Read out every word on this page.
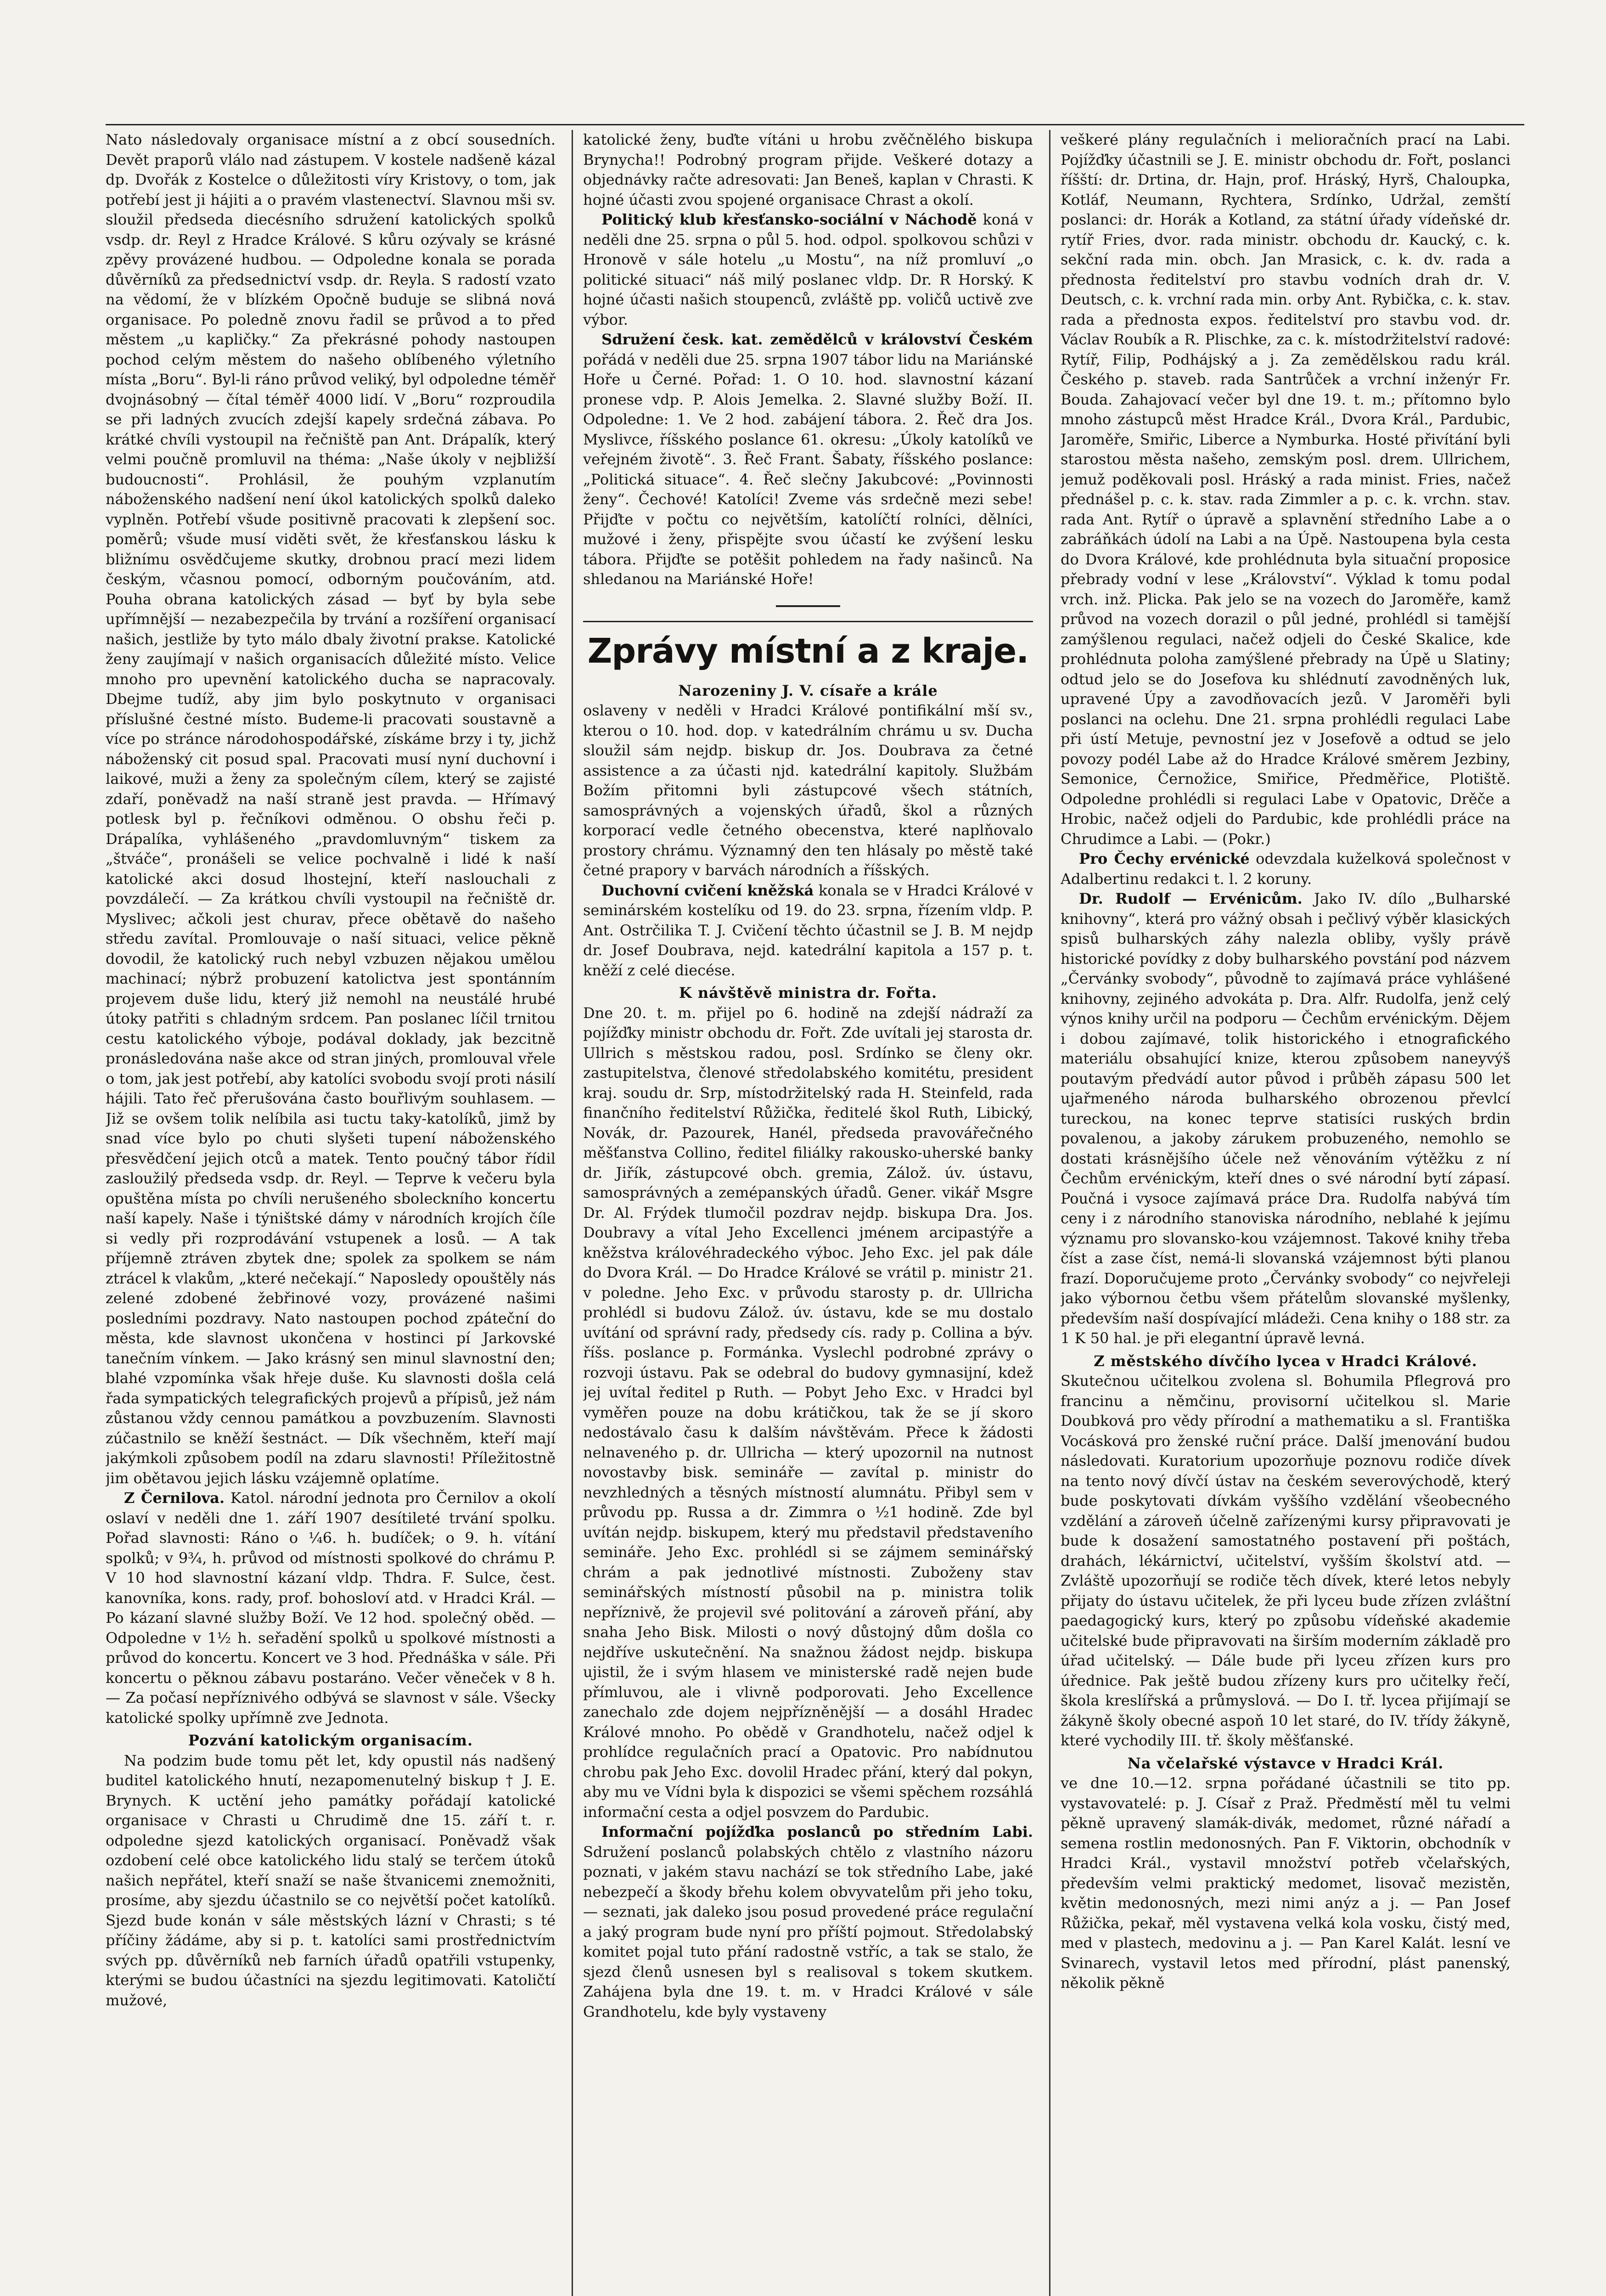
Nato následovaly organisace místní a z obcí sousedních. Devět praporů vlálo nad zástupem. V kostele nadšeně kázal dp. Dvořák z Kostelce o důležitosti víry Kristovy, o tom, jak potřebí jest ji hájiti a o pravém vlastenectví. Slavnou mši sv. sloužil předseda diecésního sdružení katolických spolků vsdp. dr. Reyl z Hradce Králové. S kůru ozývaly se krásné zpěvy provázené hudbou. — Odpoledne konala se porada důvěrníků za předsednictví vsdp. dr. Reyla. S radostí vzato na vědomí, že v blízkém Opočně buduje se slibná nová organisace. Po poledně znovu řadil se průvod a to před městem „u kapličky.“ Za překrásné pohody nastoupen pochod celým městem do našeho oblíbeného výletního místa „Boru“. Byl-li ráno průvod veliký, byl odpoledne téměř dvojnásobný — čítal téměř 4000 lidí. V „Boru“ rozproudila se při ladných zvucích zdejší kapely srdečná zábava. Po krátké chvíli vystoupil na řečniště pan Ant. Drápalík, který velmi poučně promluvil na théma: „Naše úkoly v nejbližší budoucnosti“. Prohlásil, že pouhým vzplanutím náboženského nadšení není úkol katolických spolků daleko vyplněn. Potřebí všude positivně pracovati k zlepšení soc. poměrů; všude musí viděti svět, že křesťanskou lásku k bližnímu osvědčujeme skutky, drobnou prací mezi lidem českým, včasnou pomocí, odborným poučováním, atd. Pouha obrana katolických zásad — byť by byla sebe upřímnější — nezabezpečila by trvání a rozšíření organisací našich, jestliže by tyto málo dbaly životní prakse. Katolické ženy zaujímají v našich organisacích důležité místo. Velice mnoho pro upevnění katolického ducha se napracovaly. Dbejme tudíž, aby jim bylo poskytnuto v organisaci příslušné čestné místo. Budeme-li pracovati soustavně a více po stránce národohospodářské, získáme brzy i ty, jichž náboženský cit posud spal. Pracovati musí nyní duchovní i laikové, muži a ženy za společným cílem, který se zajisté zdaří, poněvadž na naší straně jest pravda. — Hřímavý potlesk byl p. řečníkovi odměnou. O obshu řeči p. Drápalíka, vyhlášeného „pravdomluvným“ tiskem za „štváče“, pronášeli se velice pochvalně i lidé k naší katolické akci dosud lhostejní, kteří naslouchali z povzdálečí. — Za krátkou chvíli vystoupil na řečniště dr. Myslivec; ačkoli jest churav, přece obětavě do našeho středu zavítal. Promlouvaje o naší situaci, velice pěkně dovodil, že katolický ruch nebyl vzbuzen nějakou umělou machinací; nýbrž probuzení katolictva jest spontánním projevem duše lidu, který již nemohl na neustálé hrubé útoky patřiti s chladným srdcem. Pan poslanec líčil trnitou cestu katolického výboje, podával doklady, jak bezcitně pronásledována naše akce od stran jiných, promlouval vřele o tom, jak jest potřebí, aby katolíci svobodu svojí proti násilí hájili. Tato řeč přerušována často bouřlivým souhlasem. — Již se ovšem tolik nelíbila asi tuctu taky-katolíků, jimž by snad více bylo po chuti slyšeti tupení náboženského přesvědčení jejich otců a matek. Tento poučný tábor řídil zasloužilý předseda vsdp. dr. Reyl. — Teprve k večeru byla opuštěna místa po chvíli nerušeného sboleckního koncertu naší kapely. Naše i týništské dámy v národních krojích číle si vedly při rozprodávání vstupenek a losů. — A tak příjemně ztráven zbytek dne; spolek za spolkem se nám ztrácel k vlakům, „které nečekají.“ Naposledy opouštěly nás zelené zdobené žebřinové vozy, provázené našimi posledními pozdravy. Nato nastoupen pochod zpáteční do města, kde slavnost ukončena v hostinci pí Jarkovské tanečním vínkem. — Jako krásný sen minul slavnostní den; blahé vzpomínka však hřeje duše. Ku slavnosti došla celá řada sympatických telegrafických projevů a přípisů, jež nám zůstanou vždy cennou památkou a povzbuzením. Slavnosti zúčastnilo se kněží šestnáct. — Dík všechněm, kteří mají jakýmkoli způsobem podíl na zdaru slavnosti! Příležitostně jim obětavou jejich lásku vzájemně oplatíme.

Z Černilova. Katol. národní jednota pro Černilov a okolí oslaví v neděli dne 1. září 1907 desítileté trvání spolku. Pořad slavnosti: Ráno o ¼6. h. budíček; o 9. h. vítání spolků; v 9¾, h. průvod od místnosti spolkové do chrámu P. V 10 hod slavnostní kázaní vldp. Thdra. F. Sulce, čest. kanovníka, kons. rady, prof. bohosloví atd. v Hradci Král. — Po kázaní slavné služby Boží. Ve 12 hod. společný oběd. — Odpoledne v 1½ h. seřadění spolků u spolkové místnosti a průvod do koncertu. Koncert ve 3 hod. Přednáška v sále. Při koncertu o pěknou zábavu postaráno. Večer věneček v 8 h. — Za počasí nepříznivého odbývá se slavnost v sále. Všecky katolické spolky upřímně zve Jednota.

Pozvání katolickým organisacím.

Na podzim bude tomu pět let, kdy opustil nás nadšený buditel katolického hnutí, nezapomenutelný biskup † J. E. Brynych. K uctění jeho památky pořádají katolické organisace v Chrasti u Chrudimě dne 15. září t. r. odpoledne sjezd katolických organisací. Poněvadž však ozdobení celé obce katolického lidu stalý se terčem útoků našich nepřátel, kteří snaží se naše štvanicemi znemožniti, prosíme, aby sjezdu účastnilo se co největší počet katolíků. Sjezd bude konán v sále městských lázní v Chrasti; s té příčiny žádáme, aby si p. t. katolíci sami prostřednictvím svých pp. důvěrníků neb farních úřadů opatřili vstupenky, kterými se budou účastníci na sjezdu legitimovati. Katoličtí mužové,

katolické ženy, buďte vítáni u hrobu zvěčnělého biskupa Brynycha!! Podrobný program přijde. Veškeré dotazy a objednávky račte adresovati: Jan Beneš, kaplan v Chrasti. K hojné účasti zvou spojené organisace Chrast a okolí.

Politický klub křesťansko-sociální v Náchodě koná v neděli dne 25. srpna o půl 5. hod. odpol. spolkovou schůzi v Hronově v sále hotelu „u Mostu“, na níž promluví „o politické situaci“ náš milý poslanec vldp. Dr. R Horský. K hojné účasti našich stoupenců, zvláště pp. voličů uctivě zve výbor.

Sdružení česk. kat. zemědělců v království Českém pořádá v neděli due 25. srpna 1907 tábor lidu na Mariánské Hoře u Černé. Pořad: 1. O 10. hod. slavnostní kázaní pronese vdp. P. Alois Jemelka. 2. Slavné služby Boží. II. Odpoledne: 1. Ve 2 hod. zabájení tábora. 2. Řeč dra Jos. Myslivce, říšského poslance 61. okresu: „Úkoly katolíků ve veřejném životě“. 3. Řeč Frant. Šabaty, říšského poslance: „Politická situace“. 4. Řeč slečny Jakubcové: „Povinnosti ženy“. Čechové! Katolíci! Zveme vás srdečně mezi sebe! Přijďte v počtu co největším, katolíčtí rolníci, dělníci, mužové i ženy, přispějte svou účastí ke zvýšení lesku tábora. Přijďte se potěšit pohledem na řady našinců. Na shledanou na Mariánské Hoře!

Zprávy místní a z kraje.

Narozeniny J. V. císaře a krále

oslaveny v neděli v Hradci Králové pontifikální mší sv., kterou o 10. hod. dop. v katedrálním chrámu u sv. Ducha sloužil sám nejdp. biskup dr. Jos. Doubrava za četné assistence a za účasti njd. katedrální kapitoly. Službám Božím přitomni byli zástupcové všech státních, samosprávných a vojenských úřadů, škol a různých korporací vedle četného obecenstva, které naplňovalo prostory chrámu. Významný den ten hlásaly po městě také četné prapory v barvách národních a říšských.

Duchovní cvičení kněžská konala se v Hradci Králové v seminárském kostelíku od 19. do 23. srpna, řízením vldp. P. Ant. Ostrčilika T. J. Cvičení těchto účastnil se J. B. M nejdp dr. Josef Doubrava, nejd. katedrální kapitola a 157 p. t. kněží z celé diecése.

K návštěvě ministra dr. Fořta.

Dne 20. t. m. přijel po 6. hodině na zdejší nádraží za pojížďky ministr obchodu dr. Fořt. Zde uvítali jej starosta dr. Ullrich s městskou radou, posl. Srdínko se členy okr. zastupitelstva, členové středolabského komitétu, president kraj. soudu dr. Srp, místodržitelský rada H. Steinfeld, rada finančního ředitelství Růžička, ředitelé škol Ruth, Libický, Novák, dr. Pazourek, Hanél, předseda pravovářečného měšťanstva Collino, ředitel filiálky rakousko-uherské banky dr. Jiřík, zástupcové obch. gremia, Zálož. úv. ústavu, samosprávných a zemépanských úřadů. Gener. vikář Msgre Dr. Al. Frýdek tlumočil pozdrav nejdp. biskupa Dra. Jos. Doubravy a vítal Jeho Excellenci jménem arcipastýře a kněžstva královéhradeckého výboc. Jeho Exc. jel pak dále do Dvora Král. — Do Hradce Králové se vrátil p. ministr 21. v poledne. Jeho Exc. v průvodu starosty p. dr. Ullricha prohlédl si budovu Zálož. úv. ústavu, kde se mu dostalo uvítání od správní rady, předsedy cís. rady p. Collina a býv. říšs. poslance p. Formánka. Vyslechl podrobné zprávy o rozvoji ústavu. Pak se odebral do budovy gymnasijní, kdež jej uvítal ředitel p Ruth. — Pobyt Jeho Exc. v Hradci byl vyměřen pouze na dobu krátičkou, tak že se jí skoro nedostávalo času k dalším návštěvám. Přece k žádosti nelnaveného p. dr. Ullricha — který upozornil na nutnost novostavby bisk. semináře — zavítal p. ministr do nevzhledných a těsných místností alumnátu. Přibyl sem v průvodu pp. Russa a dr. Zimmra o ½1 hodině. Zde byl uvítán nejdp. biskupem, který mu představil představeního semináře. Jeho Exc. prohlédl si se zájmem seminářský chrám a pak jednotlivé místnosti. Zuboženy stav seminářských místností působil na p. ministra tolik nepříznivě, že projevil své politování a zároveň přání, aby snaha Jeho Bisk. Milosti o nový důstojný dům došla co nejdříve uskutečnění. Na snažnou žádost nejdp. biskupa ujistil, že i svým hlasem ve ministerské radě nejen bude přímluvou, ale i vlivně podporovati. Jeho Excellence zanechalo zde dojem nejpřízněnější — a dosáhl Hradec Králové mnoho. Po obědě v Grandhotelu, načež odjel k prohlídce regulačních prací a Opatovic. Pro nabídnutou chrobu pak Jeho Exc. dovolil Hradec přání, který dal pokyn, aby mu ve Vídni byla k dispozici se všemi spěchem rozsáhlá informační cesta a odjel posvzem do Pardubic.

Informační pojížďka poslanců po středním Labi. Sdružení poslanců polabských chtělo z vlastního názoru poznati, v jakém stavu nachází se tok středního Labe, jaké nebezpečí a škody břehu kolem obvyvatelům při jeho toku, — seznati, jak daleko jsou posud provedené práce regulační a jaký program bude nyní pro příští pojmout. Středolabský komitet pojal tuto přání radostně vstříc, a tak se stalo, že sjezd členů usnesen byl s realisoval s tokem skutkem. Zahájena byla dne 19. t. m. v Hradci Králové v sále Grandhotelu, kde byly vystaveny

veškeré plány regulačních i melioračních prací na Labi. Pojížďky účastnili se J. E. ministr obchodu dr. Fořt, poslanci říšští: dr. Drtina, dr. Hajn, prof. Hráský, Hyrš, Chaloupka, Kotláf, Neumann, Rychtera, Srdínko, Udržal, zemští poslanci: dr. Horák a Kotland, za státní úřady vídeňské dr. rytíř Fries, dvor. rada ministr. obchodu dr. Kaucký, c. k. sekční rada min. obch. Jan Mrasick, c. k. dv. rada a přednosta ředitelství pro stavbu vodních drah dr. V. Deutsch, c. k. vrchní rada min. orby Ant. Rybička, c. k. stav. rada a přednosta expos. ředitelství pro stavbu vod. dr. Václav Roubík a R. Plischke, za c. k. místodržitelství radové: Rytíř, Filip, Podhájský a j. Za zemědělskou radu král. Českého p. staveb. rada Santrůček a vrchní inženýr Fr. Bouda. Zahajovací večer byl dne 19. t. m.; přítomno bylo mnoho zástupců měst Hradce Král., Dvora Král., Pardubic, Jaroměře, Smiřic, Liberce a Nymburka. Hosté přivítání byli starostou města našeho, zemským posl. drem. Ullrichem, jemuž poděkovali posl. Hráský a rada minist. Fries, načež přednášel p. c. k. stav. rada Zimmler a p. c. k. vrchn. stav. rada Ant. Rytíř o úpravě a splavnění středního Labe a o zabráňkách údolí na Labi a na Úpě. Nastoupena byla cesta do Dvora Králové, kde prohlédnuta byla situační proposice přebrady vodní v lese „Království“. Výklad k tomu podal vrch. inž. Plicka. Pak jelo se na vozech do Jaroměře, kamž průvod na vozech dorazil o půl jedné, prohlédl si tamější zamýšlenou regulaci, načež odjeli do České Skalice, kde prohlédnuta poloha zamýšlené přebrady na Úpě u Slatiny; odtud jelo se do Josefova ku shlédnutí zavodněných luk, upravené Úpy a zavodňovacích jezů. V Jaroměři byli poslanci na oclehu. Dne 21. srpna prohlédli regulaci Labe při ústí Metuje, pevnostní jez v Josefově a odtud se jelo povozy podél Labe až do Hradce Králové směrem Jezbiny, Semonice, Černožice, Smiřice, Předměřice, Plotiště. Odpoledne prohlédli si regulaci Labe v Opatovic, Drěče a Hrobic, načež odjeli do Pardubic, kde prohlédli práce na Chrudimce a Labi. — (Pokr.)

Pro Čechy ervénické odevzdala kuželková společnost v Adalbertinu redakci t. l. 2 koruny.

Dr. Rudolf — Ervénicům. Jako IV. dílo „Bulharské knihovny“, která pro vážný obsah i pečlivý výběr klasických spisů bulharských záhy nalezla obliby, vyšly právě historické povídky z doby bulharského povstání pod názvem „Červánky svobody“, původně to zajímavá práce vyhlášené knihovny, zejiného advokáta p. Dra. Alfr. Rudolfa, jenž celý výnos knihy určil na podporu — Čechům ervénickým. Dějem i dobou zajímavé, tolik historického i etnografického materiálu obsahující knize, kterou způsobem naneyvýš poutavým předvádí autor původ i průběh zápasu 500 let ujařmeného národa bulharského obrozenou převlcí tureckou, na konec teprve statisíci ruských brdin povalenou, a jakoby zárukem probuzeného, nemohlo se dostati krásnějšího účele než věnováním výtěžku z ní Čechům ervénickým, kteří dnes o své národní bytí zápasí. Poučná i vysoce zajímavá práce Dra. Rudolfa nabývá tím ceny i z národního stanoviska národního, neblahé k jejímu významu pro slovansko-kou vzájemnost. Takové knihy třeba číst a zase číst, nemá-li slovanská vzájemnost býti planou frazí. Doporučujeme proto „Červánky svobody“ co nejvřeleji jako výbornou četbu všem přátelům slovanské myšlenky, především naší dospívající mládeži. Cena knihy o 188 str. za 1 K 50 hal. je při elegantní úpravě levná.

Z městského dívčího lycea v Hradci Králové.

Skutečnou učitelkou zvolena sl. Bohumila Pflegrová pro francinu a němčinu, provisorní učitelkou sl. Marie Doubková pro vědy přírodní a mathematiku a sl. Františka Vocásková pro ženské ruční práce. Další jmenování budou následovati. Kuratorium upozorňuje poznovu rodiče dívek na tento nový dívčí ústav na českém severovýchodě, který bude poskytovati dívkám vyššího vzdělání všeobecného vzdělání a zároveň účelně zařízenými kursy připravovati je bude k dosažení samostatného postavení při poštách, drahách, lékárnictví, učitelství, vyšším školství atd. — Zvláště upozorňují se rodiče těch dívek, které letos nebyly přijaty do ústavu učitelek, že při lyceu bude zřízen zvláštní paedagogický kurs, který po způsobu vídeňské akademie učitelské bude připravovati na širším moderním základě pro úřad učitelský. — Dále bude při lyceu zřízen kurs pro úřednice. Pak ještě budou zřízeny kurs pro učitelky řečí, škola kreslířská a průmyslová. — Do I. tř. lycea přijímají se žákyně školy obecné aspoň 10 let staré, do IV. třídy žákyně, které vychodily III. tř. školy měšťanské.

Na včelařské výstavce v Hradci Král.

ve dne 10.—12. srpna pořádané účastnili se tito pp. vystavovatelé: p. J. Císař z Praž. Předměstí měl tu velmi pěkně upravený slamák-divák, medomet, různé nářadí a semena rostlin medonosných. Pan F. Viktorin, obchodník v Hradci Král., vystavil množství potřeb včelařských, především velmi praktický medomet, lisovač mezistěn, květin medonosných, mezi nimi anýz a j. — Pan Josef Růžička, pekař, měl vystavena velká kola vosku, čistý med, med v plastech, medovinu a j. — Pan Karel Kalát. lesní ve Svinarech, vystavil letos med přírodní, plást panenský, několik pěkně
